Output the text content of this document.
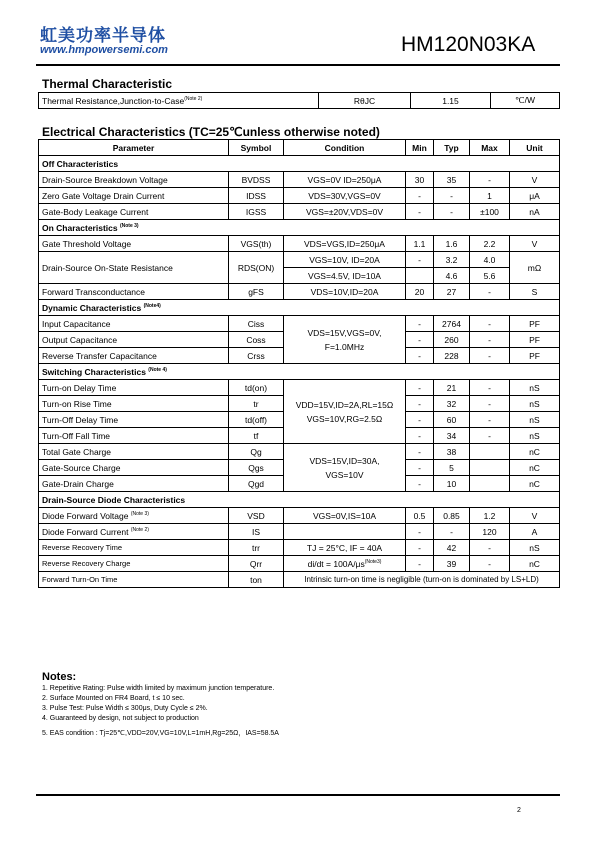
虹美功率半导体
www.hmpowersemi.com	HM120N03KA
Thermal Characteristic
Thermal Resistance,Junction-to-Case$^{(Note 2)}$	RθJC	1.15	℃/W
Electrical Characteristics (TC=25℃unless otherwise noted)
Parameter	Symbol	Condition	Min	Typ	Max	Unit
Off Characteristics						
Drain-Source Breakdown Voltage	BVDSS	VGS=0V ID=250μA	30	35	-	V
Zero Gate Voltage Drain Current	IDSS	VDS=30V,VGS=0V	-	-	1	μA
Gate-Body Leakage Current	IGSS	VGS=±20V,VDS=0V	-	-	±100	nA
On Characteristics $^{(Note 3)}$
Gate Threshold Voltage	VGS(th)	VDS=VGS,ID=250μA	1.1	1.6	2.2	V
Drain-Source On-State Resistance	RDS(ON)	VGS=10V, ID=20A	-	3.2	4.0	mΩ
		VGS=4.5V, ID=10A		4.6	5.6	
Forward Transconductance	gFS	VDS=10V,ID=20A	20	27	-	S
Dynamic Characteristics $^{(Note4)}$
Input Capacitance	Ciss	VDS=15V,VGS=0V,
F=1.0MHz	-	2764	-	PF
Output Capacitance	Coss		-	260	-	PF
Reverse Transfer Capacitance	Crss		-	228	-	PF
Switching Characteristics $^{(Note 4)}$
Turn-on Delay Time	td(on)	VDD=15V,ID=2A,RL=15Ω
VGS=10V,RG=2.5Ω	-	21	-	nS
Turn-on Rise Time	tr		-	32	-	nS
Turn-Off Delay Time	td(off)		-	60	-	nS
Turn-Off Fall Time	tf		-	34	-	nS
Total Gate Charge	Qg	VDS=15V,ID=30A,
VGS=10V	-	38		nC
Gate-Source Charge	Qgs		-	5		nC
Gate-Drain Charge	Qgd		-	10		nC
Drain-Source Diode Characteristics						
Diode Forward Voltage $^{(Note 3)}$	VSD	VGS=0V,IS=10A	0.5	0.85	1.2	V
Diode Forward Current $^{(Note 2)}$	IS		-	-	120	A
Reverse Recovery Time	trr	TJ = 25°C, IF = 40A	-	42	-	nS
Reverse Recovery Charge	Qrr	$di/dt = 100A/\mu s^{(Note3)}$	-	39	-	nC
Forward Turn-On Time	ton	Intrinsic turn-on time is negligible (turn-on is dominated by LS+LD)				
Notes:
1. Repetitive Rating: Pulse width limited by maximum junction temperature.
2. Surface Mounted on FR4 Board, t ≤ 10 sec.
3. Pulse Test: Pulse Width ≤ 300μs, Duty Cycle ≤ 2%.
4. Guaranteed by design, not subject to production
5. EAS condition : Tj=25℃,VDD=20V,VG=10V,L=1mH,Rg=25Ω，IAS=58.5A
2
